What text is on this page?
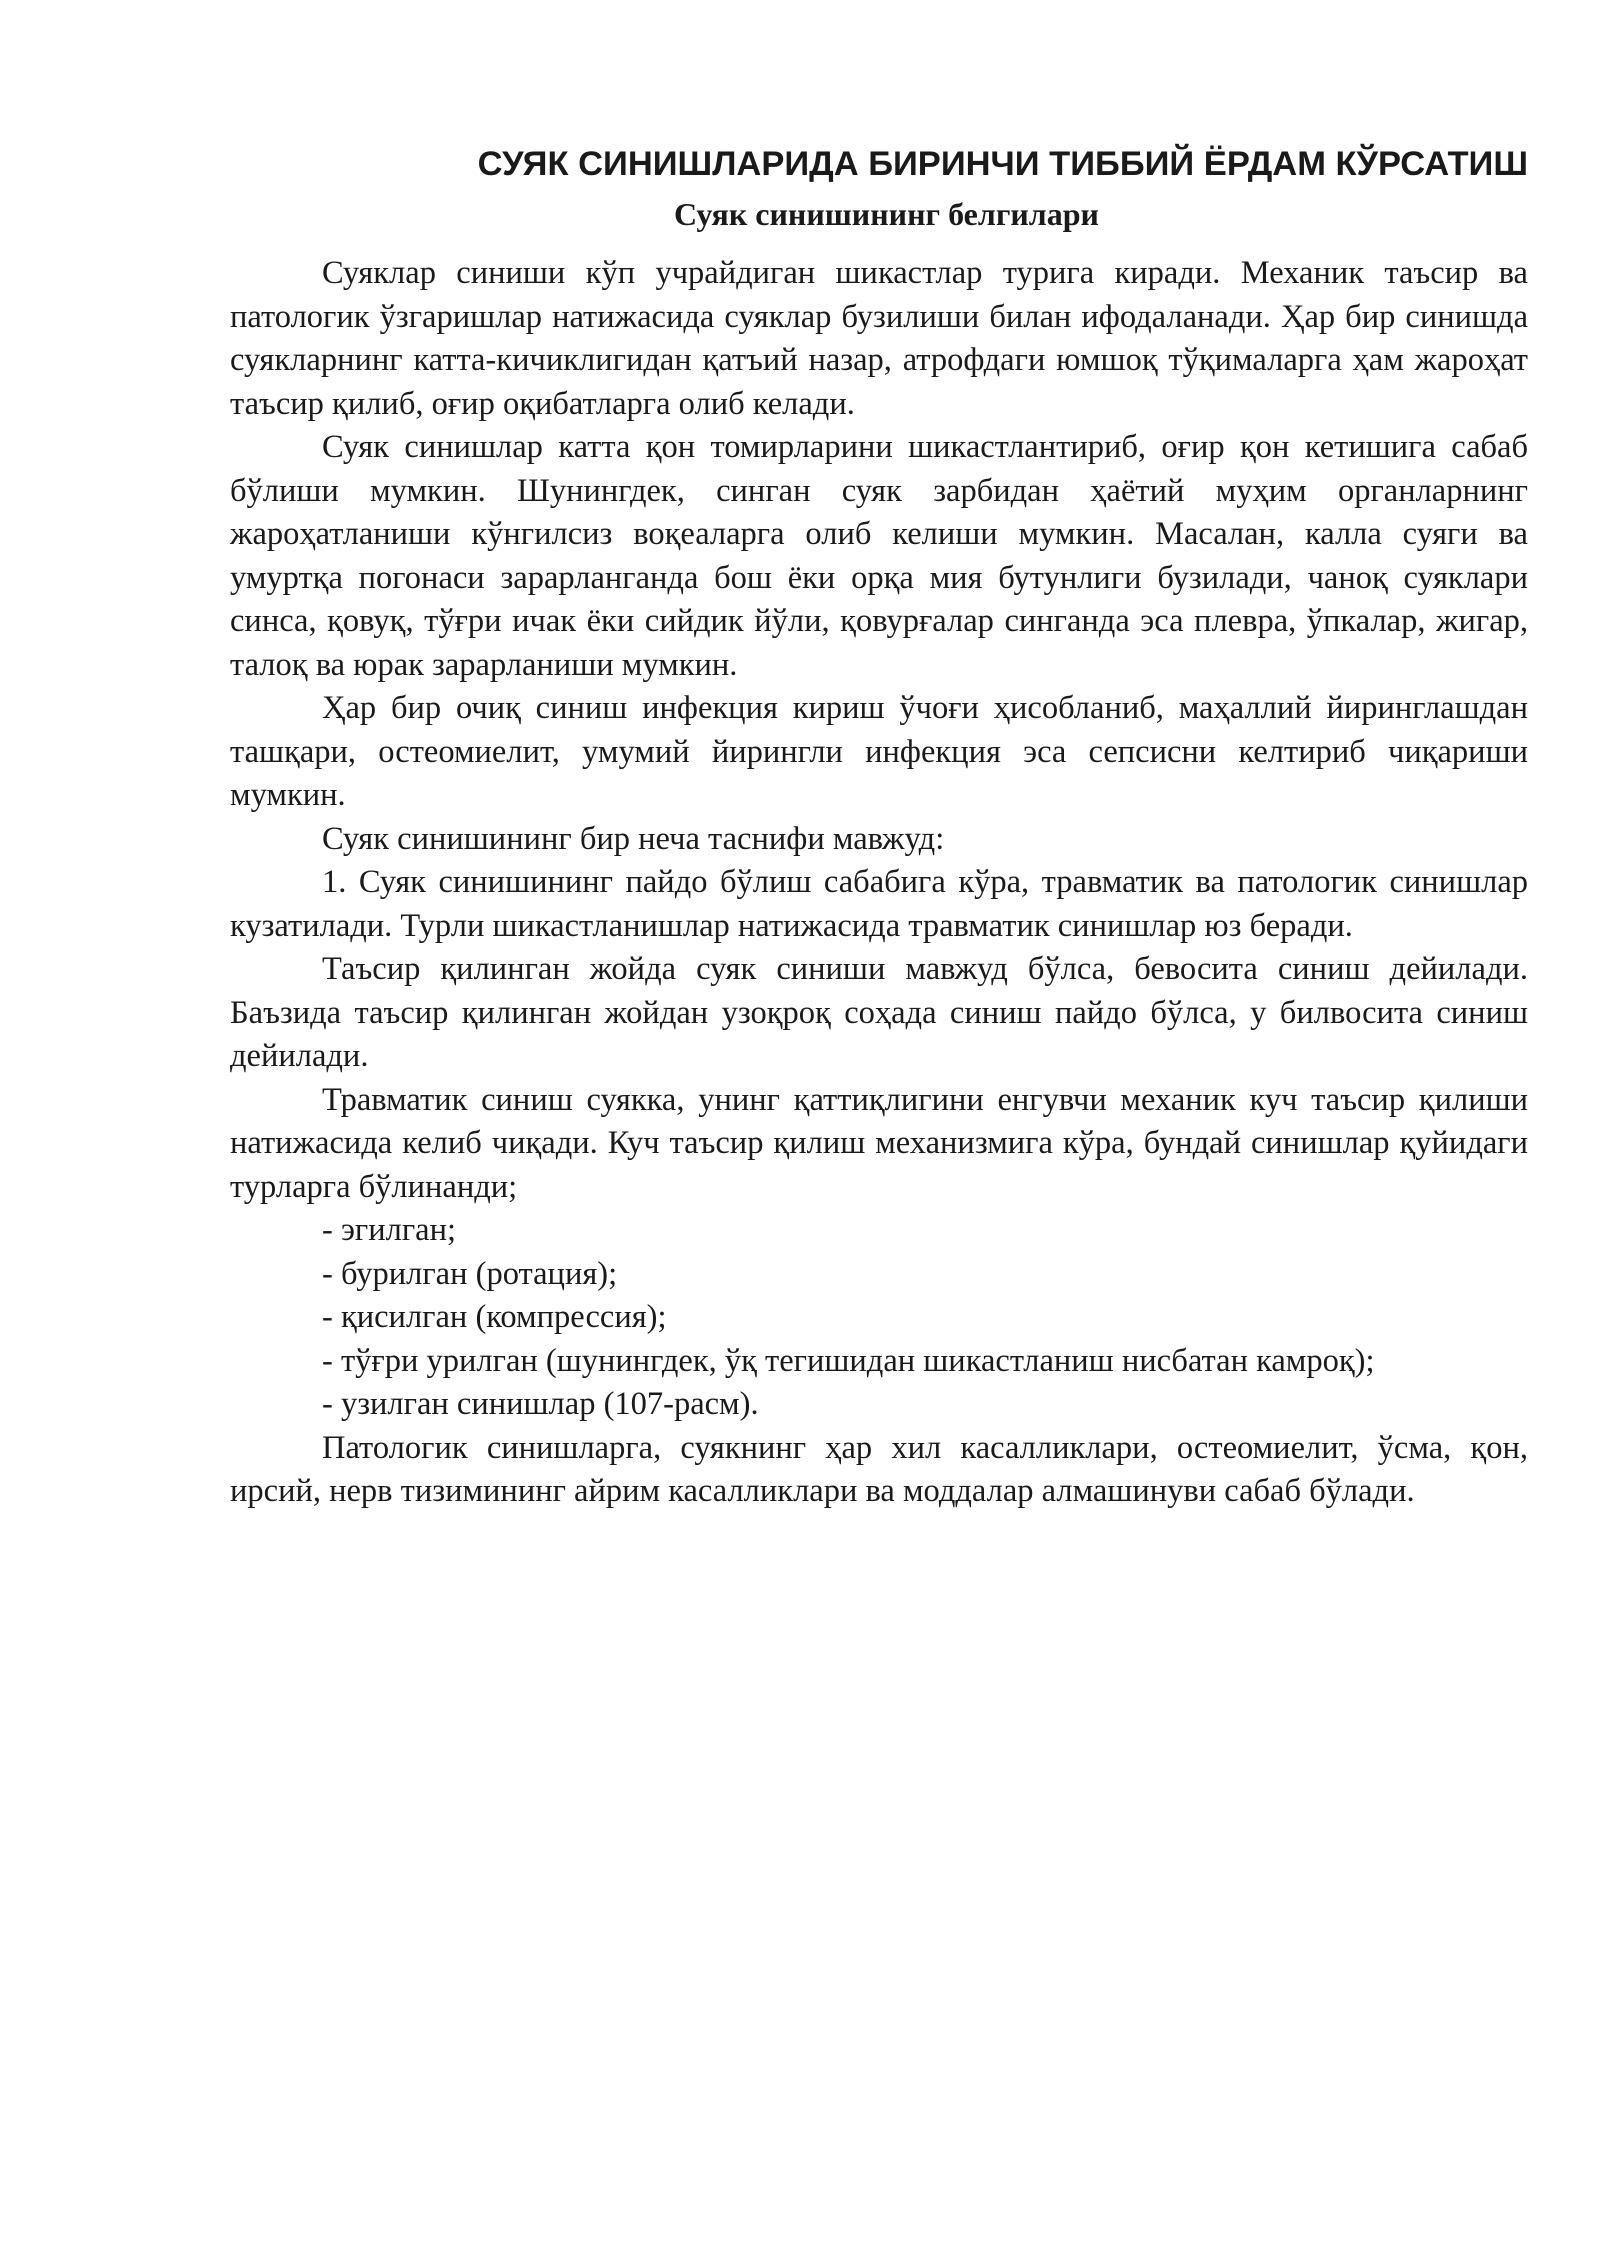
СУЯК СИНИШЛАРИДА БИРИНЧИ ТИББИЙ ЁРДАМ КЎРСАТИШ
Суяк синишининг белгилари

Суяклар синиши кўп учрайдиган шикастлар турига киради. Механик таъсир ва патологик ўзгаришлар натижасида суяклар бузилиши билан ифодаланади. Ҳар бир синишда суякларнинг катта-кичиклигидан қатъий назар, атрофдаги юмшоқ тўқималарга ҳам жароҳат таъсир қилиб, оғир оқибатларга олиб келади.

Суяк синишлар катта қон томирларини шикастлантириб, оғир қон кетишига сабаб бўлиши мумкин. Шунингдек, синган суяк зарбидан ҳаётий муҳим органларнинг жароҳатланиши кўнгилсиз воқеаларга олиб келиши мумкин. Масалан, калла суяги ва умуртқа погонаси зарарланганда бош ёки орқа мия бутунлиги бузилади, чаноқ суяклари синса, қовуқ, тўғри ичак ёки сийдик йўли, қовурғалар синганда эса плевра, ўпкалар, жигар, талоқ ва юрак зарарланиши мумкин.

Ҳар бир очиқ синиш инфекция кириш ўчоғи ҳисобланиб, маҳаллий йиринглашдан ташқари, остеомиелит, умумий йирингли инфекция эса сепсисни келтириб чиқариши мумкин.

Суяк синишининг бир неча таснифи мавжуд:

1. Суяк синишининг пайдо бўлиш сабабига кўра, травматик ва патологик синишлар кузатилади. Турли шикастланишлар натижасида травматик синишлар юз беради.

Таъсир қилинган жойда суяк синиши мавжуд бўлса, бевосита синиш дейилади. Баъзида таъсир қилинган жойдан узоқроқ соҳада синиш пайдо бўлса, у билвосита синиш дейилади.

Травматик синиш суякка, унинг қаттиқлигини енгувчи механик куч таъсир қилиши натижасида келиб чиқади. Куч таъсир қилиш механизмига кўра, бундай синишлар қуйидаги турларга бўлинанди;

- эгилган;

- бурилган (ротация);

- қисилган (компрессия);

- тўғри урилган (шунингдек, ўқ тегишидан шикастланиш нисбатан камроқ);

- узилган синишлар (107-расм).

Патологик синишларга, суякнинг ҳар хил касалликлари, остеомиелит, ўсма, қон, ирсий, нерв тизимининг айрим касалликлари ва моддалар алмашинуви сабаб бўлади.
